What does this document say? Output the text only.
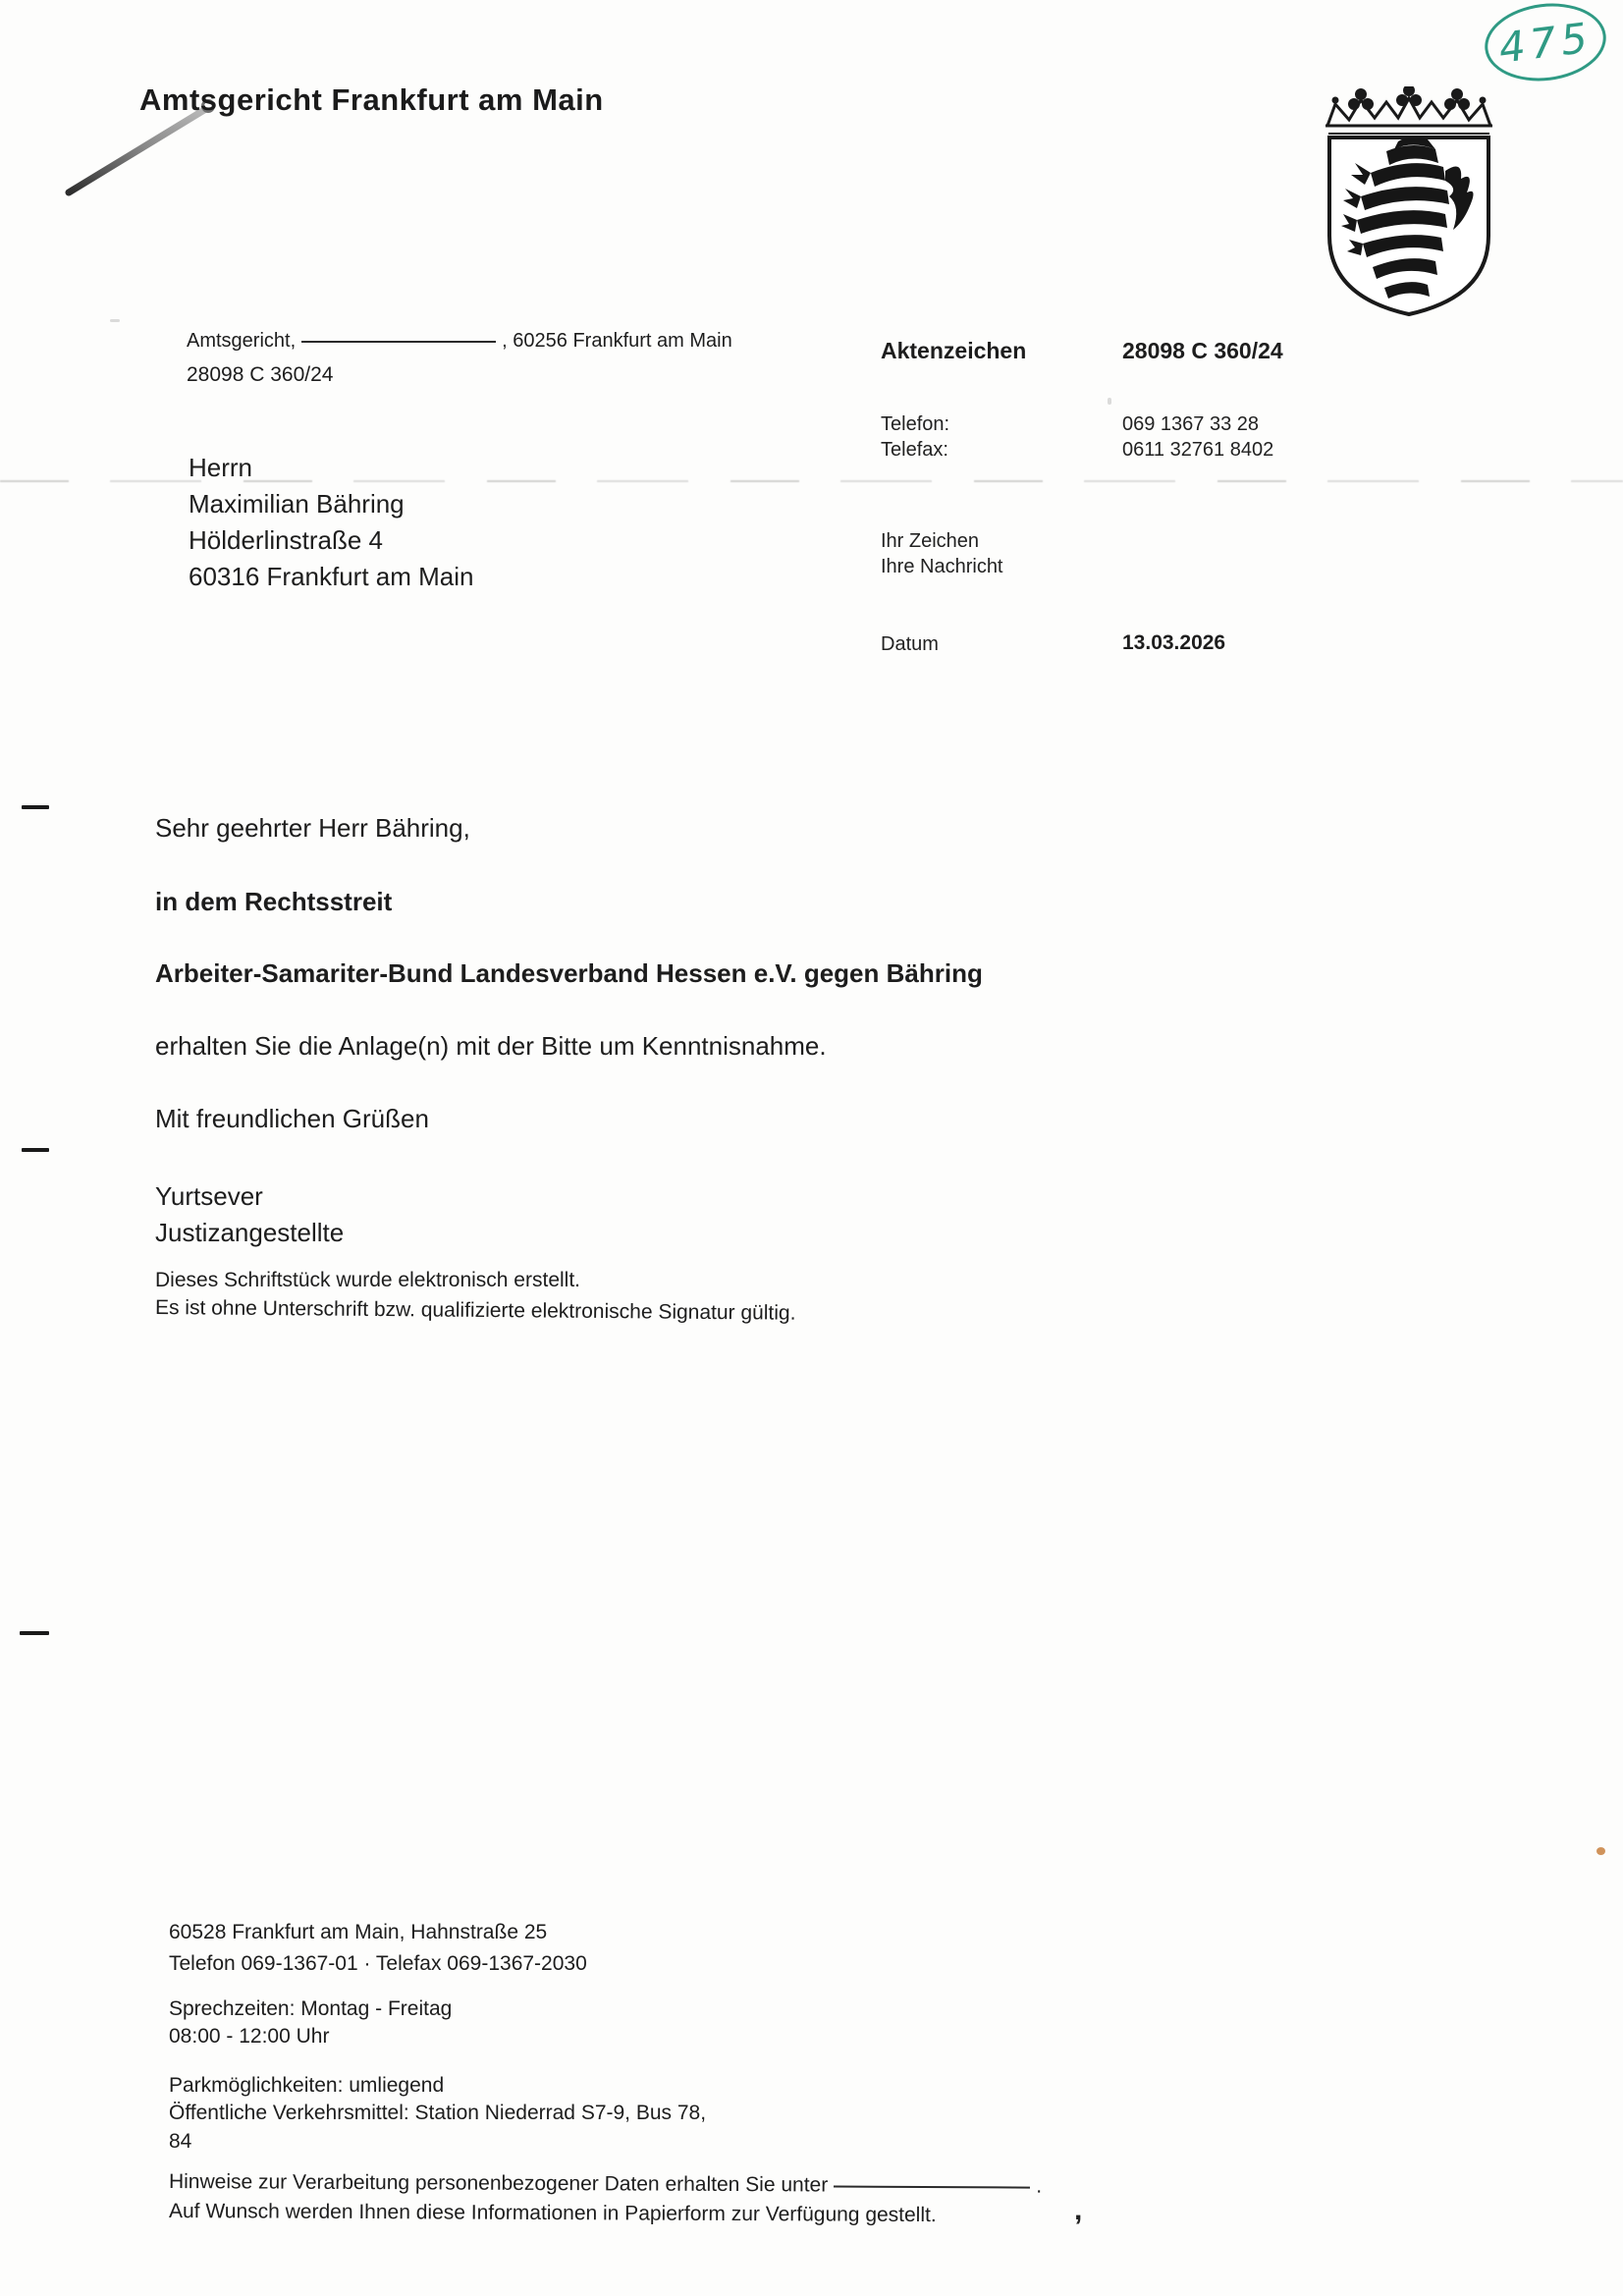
Amtsgericht Frankfurt am Main
475
Amtsgericht,	, 60256 Frankfurt am Main
28098 C 360/24
Herrn
Maximilian Bähring
Hölderlinstraße 4
60316 Frankfurt am Main
Aktenzeichen	28098 C 360/24
Telefon:	069 1367 33 28
Telefax:	0611 32761 8402
Ihr Zeichen
Ihre Nachricht
Datum	13.03.2026
Sehr geehrter Herr Bähring,
in dem Rechtsstreit
Arbeiter-Samariter-Bund Landesverband Hessen e.V. gegen Bähring
erhalten Sie die Anlage(n) mit der Bitte um Kenntnisnahme.
Mit freundlichen Grüßen
Yurtsever
Justizangestellte
Dieses Schriftstück wurde elektronisch erstellt.
Es ist ohne Unterschrift bzw. qualifizierte elektronische Signatur gültig.
60528 Frankfurt am Main, Hahnstraße 25
Telefon 069-1367-01 · Telefax 069-1367-2030
Sprechzeiten: Montag - Freitag
08:00 - 12:00 Uhr
Parkmöglichkeiten: umliegend
Öffentliche Verkehrsmittel: Station Niederrad S7-9, Bus 78,
84
Hinweise zur Verarbeitung personenbezogener Daten erhalten Sie unter	.
Auf Wunsch werden Ihnen diese Informationen in Papierform zur Verfügung gestellt.	,
